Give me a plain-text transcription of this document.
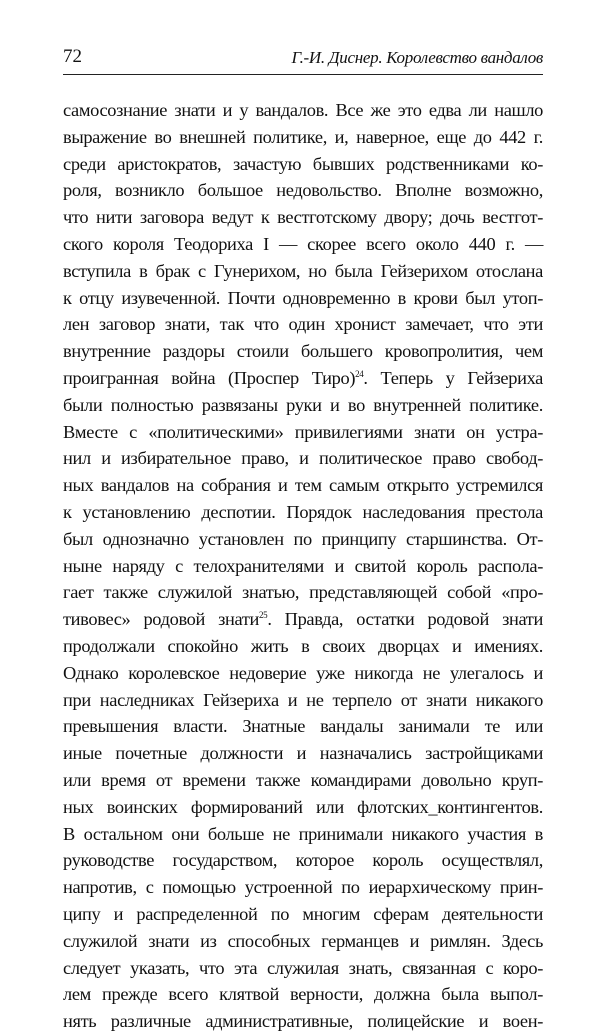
72	Г.-И. Диснер. Королевство вандалов
самосознание знати и у вандалов. Все же это едва ли нашло
выражение во внешней политике, и, наверное, еще до 442 г.
среди аристократов, зачастую бывших родственниками ко-
роля, возникло большое недовольство. Вполне возможно,
что нити заговора ведут к вестготскому двору; дочь вестгот-
ского короля Теодориха I — скорее всего около 440 г. —
вступила в брак с Гунерихом, но была Гейзерихом отослана
к отцу изувеченной. Почти одновременно в крови был утоп-
лен заговор знати, так что один хронист замечает, что эти
внутренние раздоры стоили большего кровопролития, чем
проигранная война (Проспер Тиро)$^{24}$. Теперь у Гейзериха
были полностью развязаны руки и во внутренней политике.
Вместе с «политическими» привилегиями знати он устра-
нил и избирательное право, и политическое право свобод-
ных вандалов на собрания и тем самым открыто устремился
к установлению деспотии. Порядок наследования престола
был однозначно установлен по принципу старшинства. От-
ныне наряду с телохранителями и свитой король распола-
гает также служилой знатью, представляющей собой «про-
тивовес» родовой знати$^{25}$. Правда, остатки родовой знати
продолжали спокойно жить в своих дворцах и имениях.
Однако королевское недоверие уже никогда не улегалось и
при наследниках Гейзериха и не терпело от знати никакого
превышения власти. Знатные вандалы занимали те или
иные почетные должности и назначались застройщиками
или время от времени также командирами довольно круп-
ных воинских формирований или флотских_контингентов.
В остальном они больше не принимали никакого участия в
руководстве государством, которое король осуществлял,
напротив, с помощью устроенной по иерархическому прин-
ципу и распределенной по многим сферам деятельности
служилой знати из способных германцев и римлян. Здесь
следует указать, что эта служилая знать, связанная с коро-
лем прежде всего клятвой верности, должна была выпол-
нять различные административные, полицейские и воен-
